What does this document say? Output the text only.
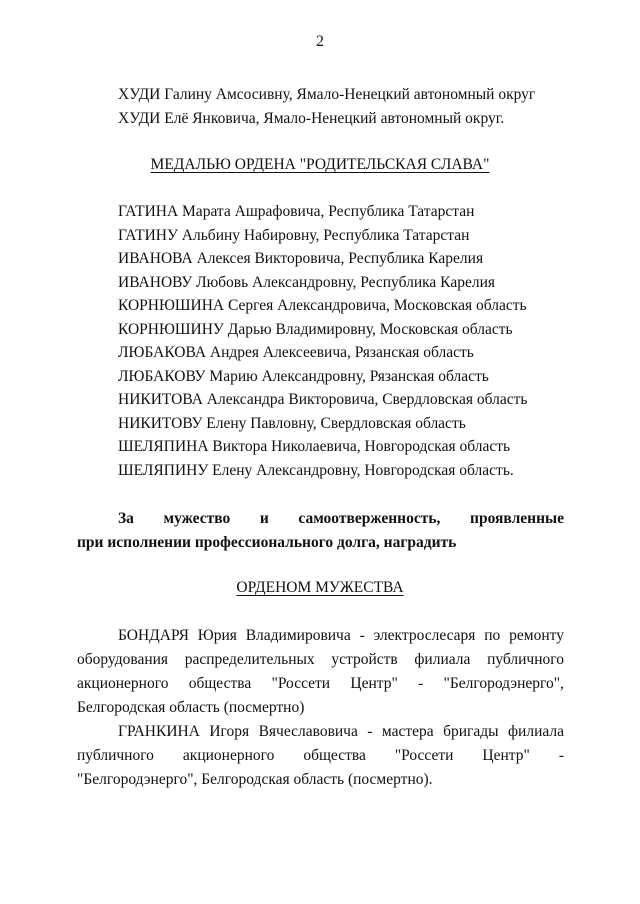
2
ХУДИ Галину Амсосивну, Ямало-Ненецкий автономный округ
ХУДИ Елё Янковича, Ямало-Ненецкий автономный округ.
МЕДАЛЬЮ ОРДЕНА "РОДИТЕЛЬСКАЯ СЛАВА"
ГАТИНА Марата Ашрафовича, Республика Татарстан
ГАТИНУ Альбину Набировну, Республика Татарстан
ИВАНОВА Алексея Викторовича, Республика Карелия
ИВАНОВУ Любовь Александровну, Республика Карелия
КОРНЮШИНА Сергея Александровича, Московская область
КОРНЮШИНУ Дарью Владимировну, Московская область
ЛЮБАКОВА Андрея Алексеевича, Рязанская область
ЛЮБАКОВУ Марию Александровну, Рязанская область
НИКИТОВА Александра Викторовича, Свердловская область
НИКИТОВУ Елену Павловну, Свердловская область
ШЕЛЯПИНА Виктора Николаевича, Новгородская область
ШЕЛЯПИНУ Елену Александровну, Новгородская область.
За мужество и самоотверженность, проявленные
при исполнении профессионального долга, наградить
ОРДЕНОМ МУЖЕСТВА
БОНДАРЯ Юрия Владимировича - электрослесаря по ремонту
оборудования распределительных устройств филиала публичного
акционерного общества "Россети Центр" - "Белгородэнерго",
Белгородская область (посмертно)
ГРАНКИНА Игоря Вячеславовича - мастера бригады филиала
публичного акционерного общества "Россети Центр" -
"Белгородэнерго", Белгородская область (посмертно).
